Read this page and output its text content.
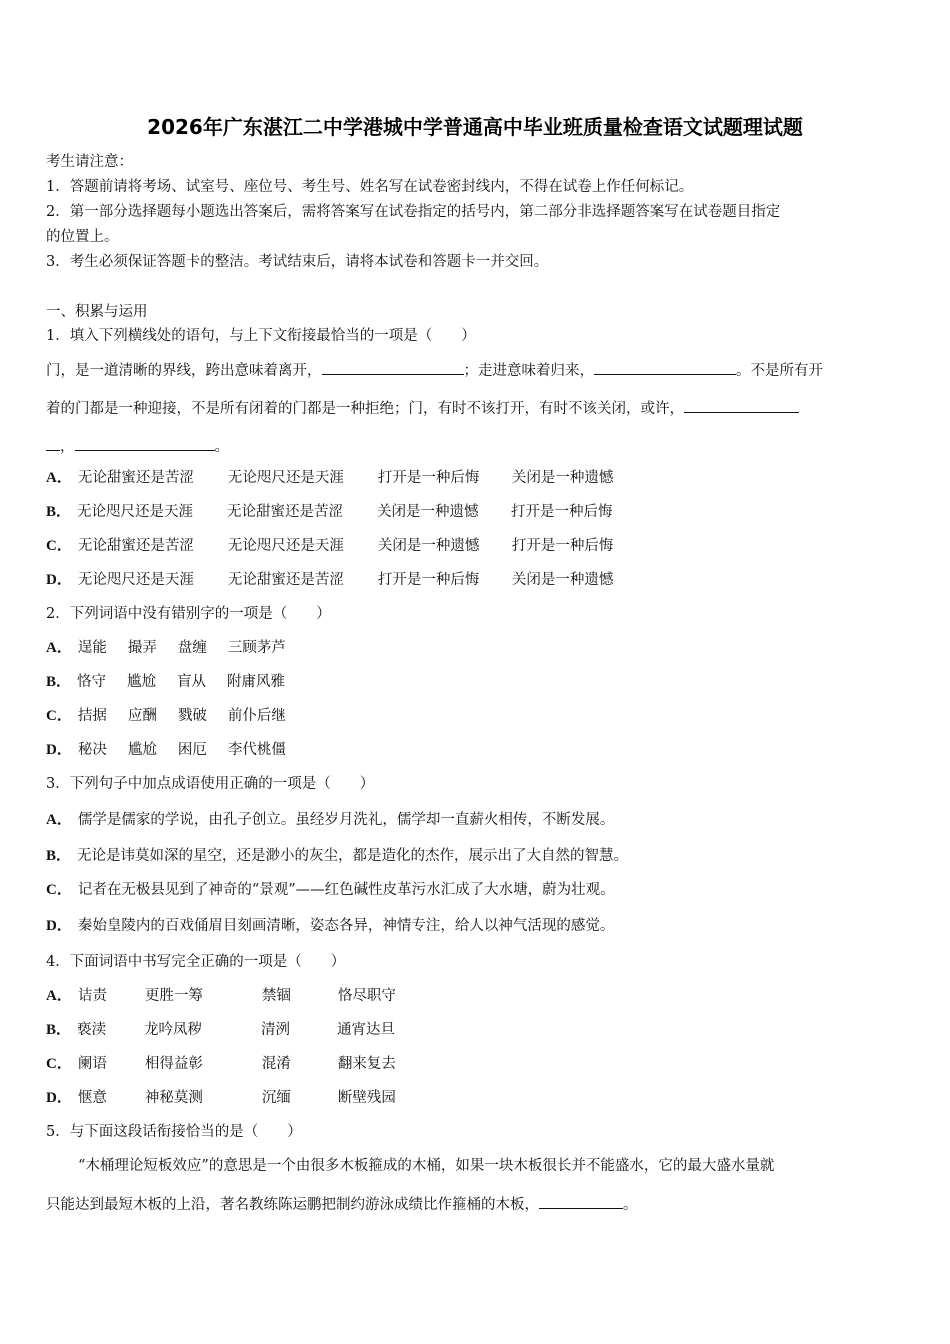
2026年广东湛江二中学港城中学普通高中毕业班质量检查语文试题理试题
考生请注意：
1．答题前请将考场、试室号、座位号、考生号、姓名写在试卷密封线内，不得在试卷上作任何标记。
2．第一部分选择题每小题选出答案后，需将答案写在试卷指定的括号内，第二部分非选择题答案写在试卷题目指定
的位置上。
3．考生必须保证答题卡的整洁。考试结束后，请将本试卷和答题卡一并交回。
一、积累与运用
1．填入下列横线处的语句，与上下文衔接最恰当的一项是（　　）
门，是一道清晰的界线，跨出意味着离开，	；走进意味着归来，	。不是所有开
着的门都是一种迎接，不是所有闭着的门都是一种拒绝；门，有时不该打开，有时不该关闭，或许，
，	。
A． 无论甜蜜还是苦涩 无论咫尺还是天涯 打开是一种后悔 关闭是一种遗憾
B． 无论咫尺还是天涯 无论甜蜜还是苦涩 关闭是一种遗憾 打开是一种后悔
C． 无论甜蜜还是苦涩 无论咫尺还是天涯 关闭是一种遗憾 打开是一种后悔
D． 无论咫尺还是天涯 无论甜蜜还是苦涩 打开是一种后悔 关闭是一种遗憾
2．下列词语中没有错别字的一项是（　　）
A． 逞能 撮弄 盘缠 三顾茅芦
B． 恪守 尴尬 盲从 附庸风雅
C． 拮据 应酬 戮破 前仆后继
D． 秘决 尴尬 困厄 李代桃僵
3．下列句子中加点成语使用正确的一项是（　　）
A． 儒学是儒家的学说，由孔子创立。虽经岁月洗礼，儒学却一直薪火相传，不断发展。
B． 无论是讳莫如深的星空，还是渺小的灰尘，都是造化的杰作，展示出了大自然的智慧。
C． 记者在无极县见到了神奇的“景观”——红色碱性皮革污水汇成了大水塘，蔚为壮观。
D． 秦始皇陵内的百戏俑眉目刻画清晰，姿态各异，神情专注，给人以神气活现的感觉。
4．下面词语中书写完全正确的一项是（　　）
A． 诘责	更胜一筹	禁锢	恪尽职守
B． 亵渎	龙吟凤秽	清洌	通宵达旦
C． 阑语	相得益彰	混淆	翻来复去
D． 惬意	神秘莫测	沉缅	断壁残园
5．与下面这段话衔接恰当的是（　　）
“木桶理论短板效应”的意思是一个由很多木板箍成的木桶，如果一块木板很长并不能盛水，它的最大盛水量就
只能达到最短木板的上沿，著名教练陈运鹏把制约游泳成绩比作箍桶的木板，	。
